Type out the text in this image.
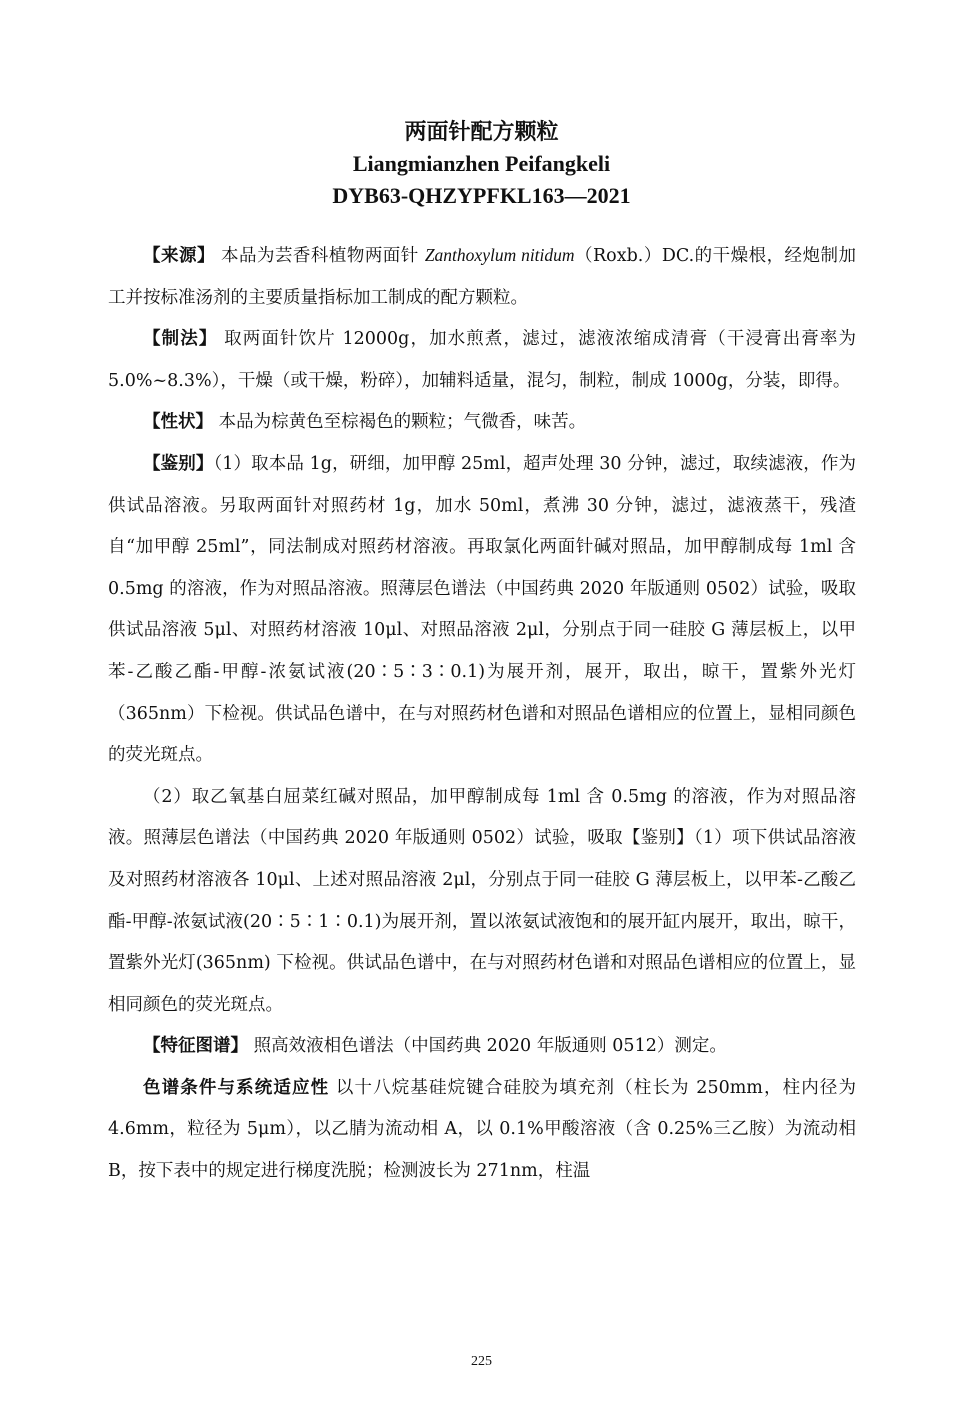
两面针配方颗粒
Liangmianzhen Peifangkeli
DYB63-QHZYPFKL163—2021

【来源】 本品为芸香科植物两面针 Zanthoxylum nitidum（Roxb.）DC.的干燥根，经炮制加工并按标准汤剂的主要质量指标加工制成的配方颗粒。

【制法】 取两面针饮片 12000g，加水煎煮，滤过，滤液浓缩成清膏（干浸膏出膏率为 5.0%~8.3%），干燥（或干燥，粉碎），加辅料适量，混匀，制粒，制成 1000g，分装，即得。

【性状】 本品为棕黄色至棕褐色的颗粒；气微香，味苦。

【鉴别】（1）取本品 1g，研细，加甲醇 25ml，超声处理 30 分钟，滤过，取续滤液，作为供试品溶液。另取两面针对照药材 1g，加水 50ml，煮沸 30 分钟，滤过，滤液蒸干，残渣自“加甲醇 25ml”，同法制成对照药材溶液。再取氯化两面针碱对照品，加甲醇制成每 1ml 含 0.5mg 的溶液，作为对照品溶液。照薄层色谱法（中国药典 2020 年版通则 0502）试验，吸取供试品溶液 5μl、对照药材溶液 10μl、对照品溶液 2μl，分别点于同一硅胶 G 薄层板上，以甲苯-乙酸乙酯-甲醇-浓氨试液(20∶5∶3∶0.1)为展开剂，展开，取出，晾干，置紫外光灯（365nm）下检视。供试品色谱中，在与对照药材色谱和对照品色谱相应的位置上，显相同颜色的荧光斑点。

（2）取乙氧基白屈菜红碱对照品，加甲醇制成每 1ml 含 0.5mg 的溶液，作为对照品溶液。照薄层色谱法（中国药典 2020 年版通则 0502）试验，吸取【鉴别】（1）项下供试品溶液及对照药材溶液各 10μl、上述对照品溶液 2μl，分别点于同一硅胶 G 薄层板上，以甲苯-乙酸乙酯-甲醇-浓氨试液(20∶5∶1∶0.1)为展开剂，置以浓氨试液饱和的展开缸内展开，取出，晾干，置紫外光灯(365nm) 下检视。供试品色谱中，在与对照药材色谱和对照品色谱相应的位置上，显相同颜色的荧光斑点。

【特征图谱】 照高效液相色谱法（中国药典 2020 年版通则 0512）测定。

色谱条件与系统适应性 以十八烷基硅烷键合硅胶为填充剂（柱长为 250mm，柱内径为 4.6mm，粒径为 5μm），以乙腈为流动相 A，以 0.1%甲酸溶液（含 0.25%三乙胺）为流动相 B，按下表中的规定进行梯度洗脱；检测波长为 271nm，柱温

225
